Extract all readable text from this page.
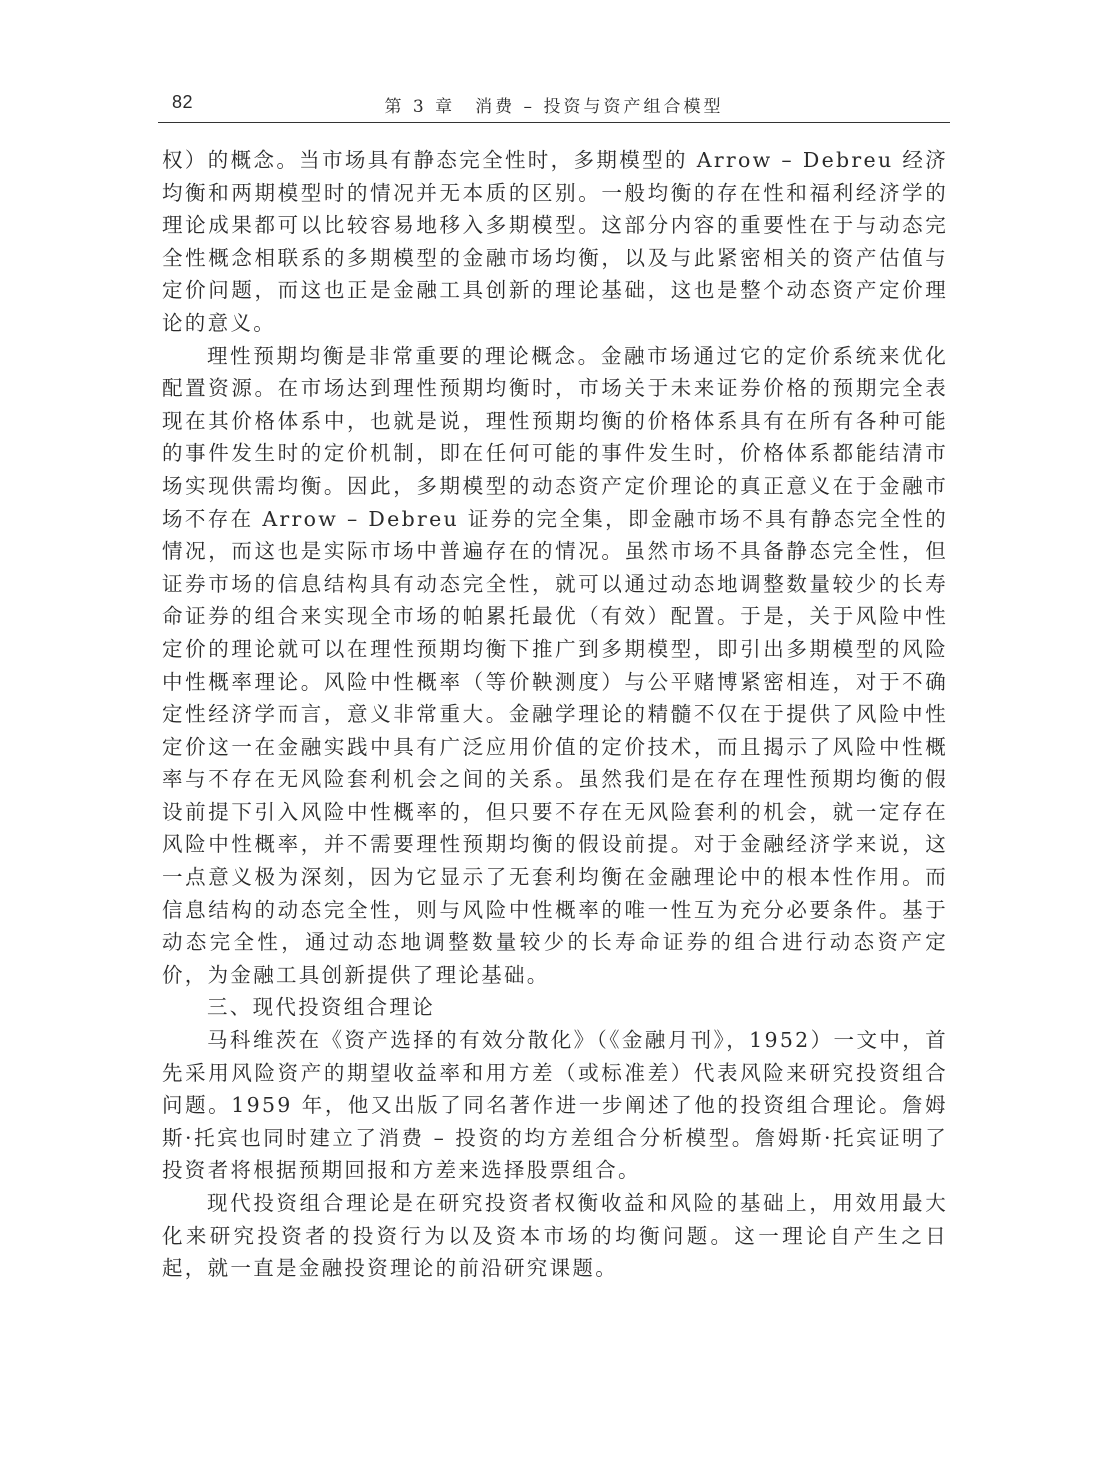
82	第 3 章　消费 – 投资与资产组合模型

权）的概念。当市场具有静态完全性时，多期模型的 Arrow – Debreu 经济均衡和两期模型时的情况并无本质的区别。一般均衡的存在性和福利经济学的理论成果都可以比较容易地移入多期模型。这部分内容的重要性在于与动态完全性概念相联系的多期模型的金融市场均衡，以及与此紧密相关的资产估值与定价问题，而这也正是金融工具创新的理论基础，这也是整个动态资产定价理论的意义。

理性预期均衡是非常重要的理论概念。金融市场通过它的定价系统来优化配置资源。在市场达到理性预期均衡时，市场关于未来证券价格的预期完全表现在其价格体系中，也就是说，理性预期均衡的价格体系具有在所有各种可能的事件发生时的定价机制，即在任何可能的事件发生时，价格体系都能结清市场实现供需均衡。因此，多期模型的动态资产定价理论的真正意义在于金融市场不存在 Arrow – Debreu 证券的完全集，即金融市场不具有静态完全性的情况，而这也是实际市场中普遍存在的情况。虽然市场不具备静态完全性，但证券市场的信息结构具有动态完全性，就可以通过动态地调整数量较少的长寿命证券的组合来实现全市场的帕累托最优（有效）配置。于是，关于风险中性定价的理论就可以在理性预期均衡下推广到多期模型，即引出多期模型的风险中性概率理论。风险中性概率（等价鞅测度）与公平赌博紧密相连，对于不确定性经济学而言，意义非常重大。金融学理论的精髓不仅在于提供了风险中性定价这一在金融实践中具有广泛应用价值的定价技术，而且揭示了风险中性概率与不存在无风险套利机会之间的关系。虽然我们是在存在理性预期均衡的假设前提下引入风险中性概率的，但只要不存在无风险套利的机会，就一定存在风险中性概率，并不需要理性预期均衡的假设前提。对于金融经济学来说，这一点意义极为深刻，因为它显示了无套利均衡在金融理论中的根本性作用。而信息结构的动态完全性，则与风险中性概率的唯一性互为充分必要条件。基于动态完全性，通过动态地调整数量较少的长寿命证券的组合进行动态资产定价，为金融工具创新提供了理论基础。

三、现代投资组合理论

马科维茨在《资产选择的有效分散化》（《金融月刊》，1952）一文中，首先采用风险资产的期望收益率和用方差（或标准差）代表风险来研究投资组合问题。1959 年，他又出版了同名著作进一步阐述了他的投资组合理论。詹姆斯·托宾也同时建立了消费 – 投资的均方差组合分析模型。詹姆斯·托宾证明了投资者将根据预期回报和方差来选择股票组合。

现代投资组合理论是在研究投资者权衡收益和风险的基础上，用效用最大化来研究投资者的投资行为以及资本市场的均衡问题。这一理论自产生之日起，就一直是金融投资理论的前沿研究课题。
